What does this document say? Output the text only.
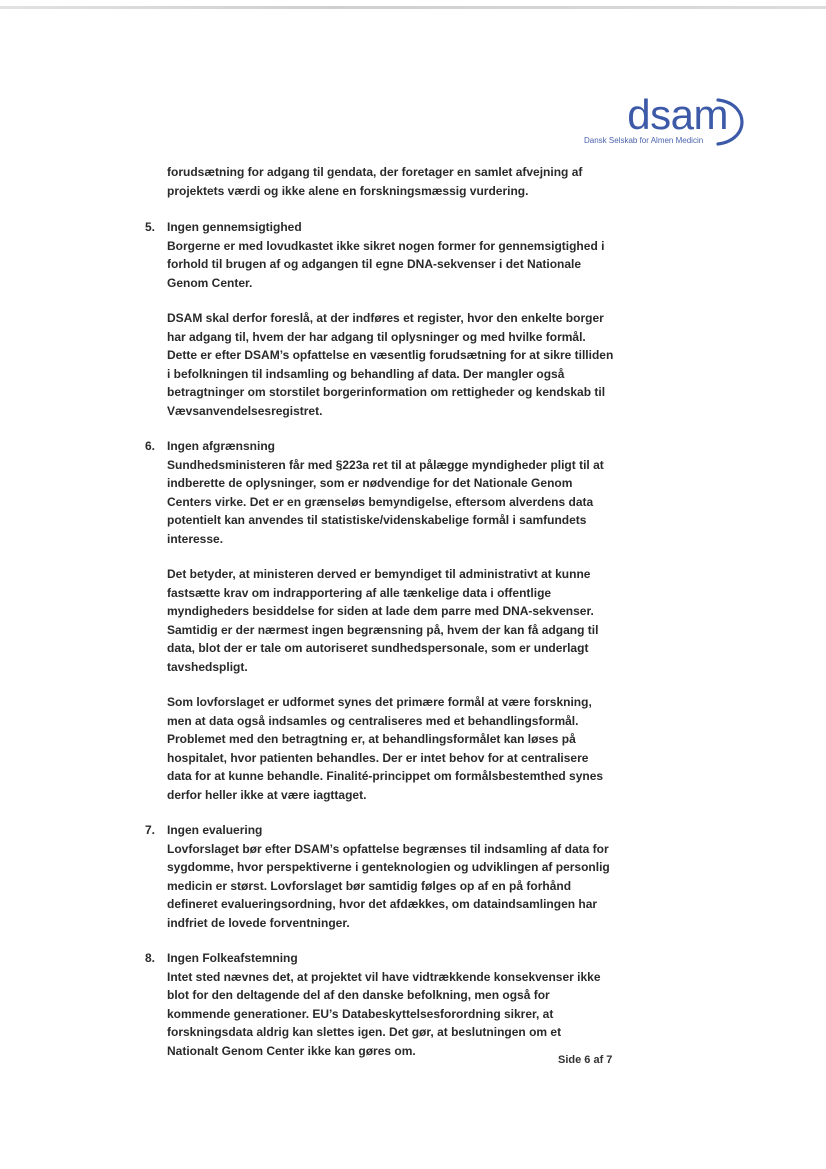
dsam
Dansk Selskab for Almen Medicin

forudsætning for adgang til gendata, der foretager en samlet afvejning af projektets værdi og ikke alene en forskningsmæssig vurdering.

5. Ingen gennemsigtighed

Borgerne er med lovudkastet ikke sikret nogen former for gennemsigtighed i forhold til brugen af og adgangen til egne DNA-sekvenser i det Nationale Genom Center.

DSAM skal derfor foreslå, at der indføres et register, hvor den enkelte borger har adgang til, hvem der har adgang til oplysninger og med hvilke formål. Dette er efter DSAM’s opfattelse en væsentlig forudsætning for at sikre tilliden i befolkningen til indsamling og behandling af data. Der mangler også betragtninger om storstilet borgerinformation om rettigheder og kendskab til Vævsanvendelsesregistret.

6. Ingen afgrænsning

Sundhedsministeren får med §223a ret til at pålægge myndigheder pligt til at indberette de oplysninger, som er nødvendige for det Nationale Genom Centers virke. Det er en grænseløs bemyndigelse, eftersom alverdens data potentielt kan anvendes til statistiske/videnskabelige formål i samfundets interesse.

Det betyder, at ministeren derved er bemyndiget til administrativt at kunne fastsætte krav om indrapportering af alle tænkelige data i offentlige myndigheders besiddelse for siden at lade dem parre med DNA-sekvenser. Samtidig er der nærmest ingen begrænsning på, hvem der kan få adgang til data, blot der er tale om autoriseret sundhedspersonale, som er underlagt tavshedspligt.

Som lovforslaget er udformet synes det primære formål at være forskning, men at data også indsamles og centraliseres med et behandlingsformål. Problemet med den betragtning er, at behandlingsformålet kan løses på hospitalet, hvor patienten behandles. Der er intet behov for at centralisere data for at kunne behandle. Finalité-princippet om formålsbestemthed synes derfor heller ikke at være iagttaget.

7. Ingen evaluering

Lovforslaget bør efter DSAM’s opfattelse begrænses til indsamling af data for sygdomme, hvor perspektiverne i genteknologien og udviklingen af personlig medicin er størst. Lovforslaget bør samtidig følges op af en på forhånd defineret evalueringsordning, hvor det afdækkes, om dataindsamlingen har indfriet de lovede forventninger.

8. Ingen Folkeafstemning

Intet sted nævnes det, at projektet vil have vidtrækkende konsekvenser ikke blot for den deltagende del af den danske befolkning, men også for kommende generationer. EU’s Databeskyttelsesforordning sikrer, at forskningsdata aldrig kan slettes igen. Det gør, at beslutningen om et Nationalt Genom Center ikke kan gøres om.

Side 6 af 7
